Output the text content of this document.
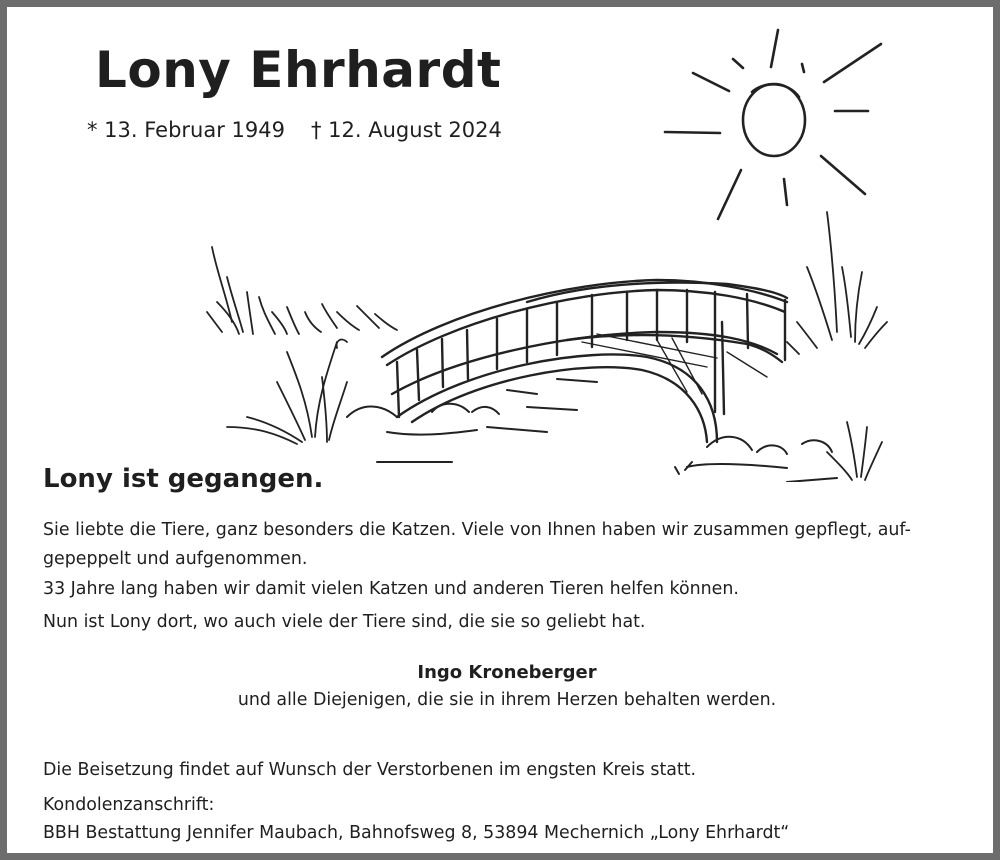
Lony Ehrhardt
* 13. Februar 1949 † 12. August 2024
Lony ist gegangen.

Sie liebte die Tiere, ganz besonders die Katzen. Viele von Ihnen haben wir zusammen gepflegt, auf-gepeppelt und aufgenommen.

33 Jahre lang haben wir damit vielen Katzen und anderen Tieren helfen können.

Nun ist Lony dort, wo auch viele der Tiere sind, die sie so geliebt hat.

Ingo Kroneberger
und alle Diejenigen, die sie in ihrem Herzen behalten werden.

Die Beisetzung findet auf Wunsch der Verstorbenen im engsten Kreis statt.

Kondolenzanschrift:

BBH Bestattung Jennifer Maubach, Bahnofsweg 8, 53894 Mechernich „Lony Ehrhardt“
